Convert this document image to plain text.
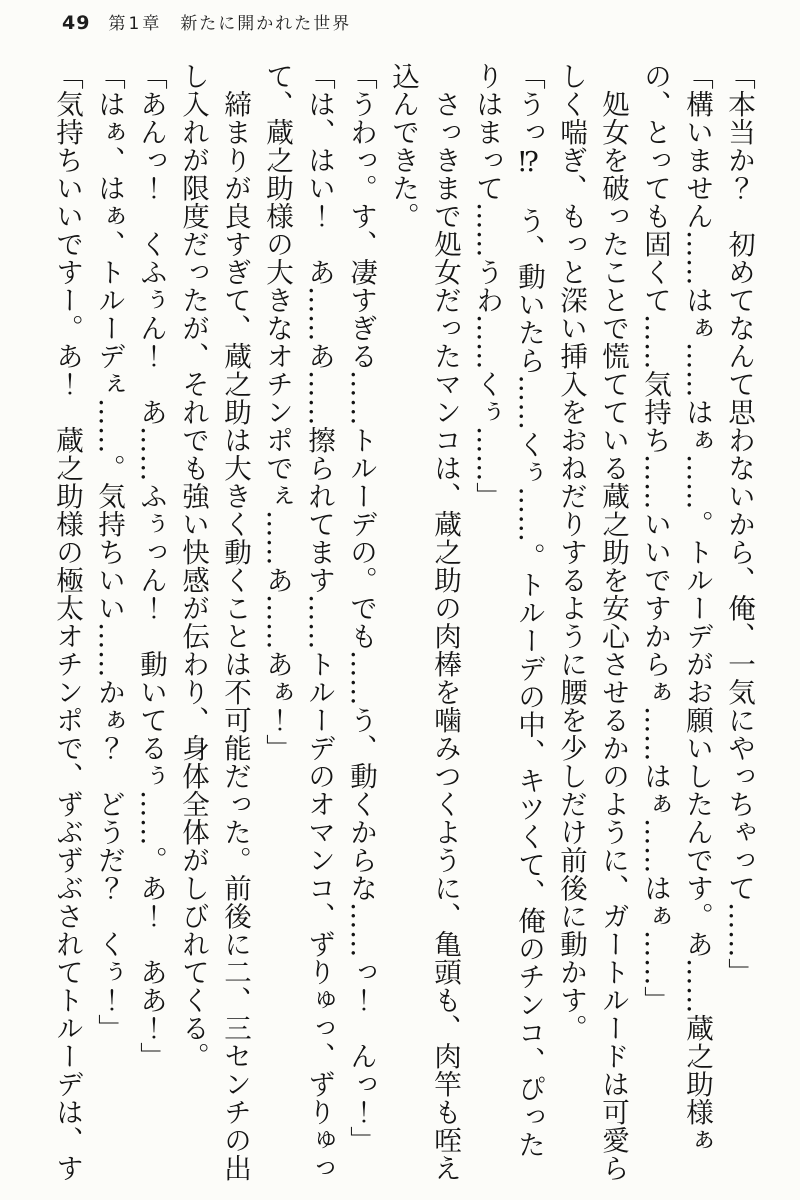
49 第1章 新たに開かれた世界

「本当か？　初めてなんて思わないから、俺、一気にやっちゃって……」

「構いません……はぁ……はぁ……。トルーデがお願いしたんです。あ……蔵之助様ぁの、とっても固くて……気持ち……いいですからぁ……はぁ……はぁ……」

処女を破ったことで慌てている蔵之助を安心させるかのように、ガートルードは可愛らしく喘ぎ、もっと深い挿入をおねだりするように腰を少しだけ前後に動かす。

「うっ⁉　う、動いたら……くぅ……。トルーデの中、キツくて、俺のチンコ、ぴったりはまって……うわ……くぅ……」

さっきまで処女だったマンコは、蔵之助の肉棒を噛みつくように、亀頭も、肉竿も咥え込んできた。

「うわっ。す、凄すぎる……トルーデの。でも……う、動くからな……っ！　んっ！」

「は、はい！　あ……あ……擦られてます……トルーデのオマンコ、ずりゅっ、ずりゅって、蔵之助様の大きなオチンポでぇ……あ……あぁ！」

締まりが良すぎて、蔵之助は大きく動くことは不可能だった。前後に二、三センチの出し入れが限度だったが、それでも強い快感が伝わり、身体全体がしびれてくる。

「あんっ！　くふぅん！　あ……ふぅっん！　動いてるぅ……。あ！　ああ！」

「はぁ、はぁ、トルーデぇ……。気持ちいい……かぁ？　どうだ？　くぅ！」

「気持ちいいですー。あ！　蔵之助様の極太オチンポで、ずぶずぶされてトルーデは、す
